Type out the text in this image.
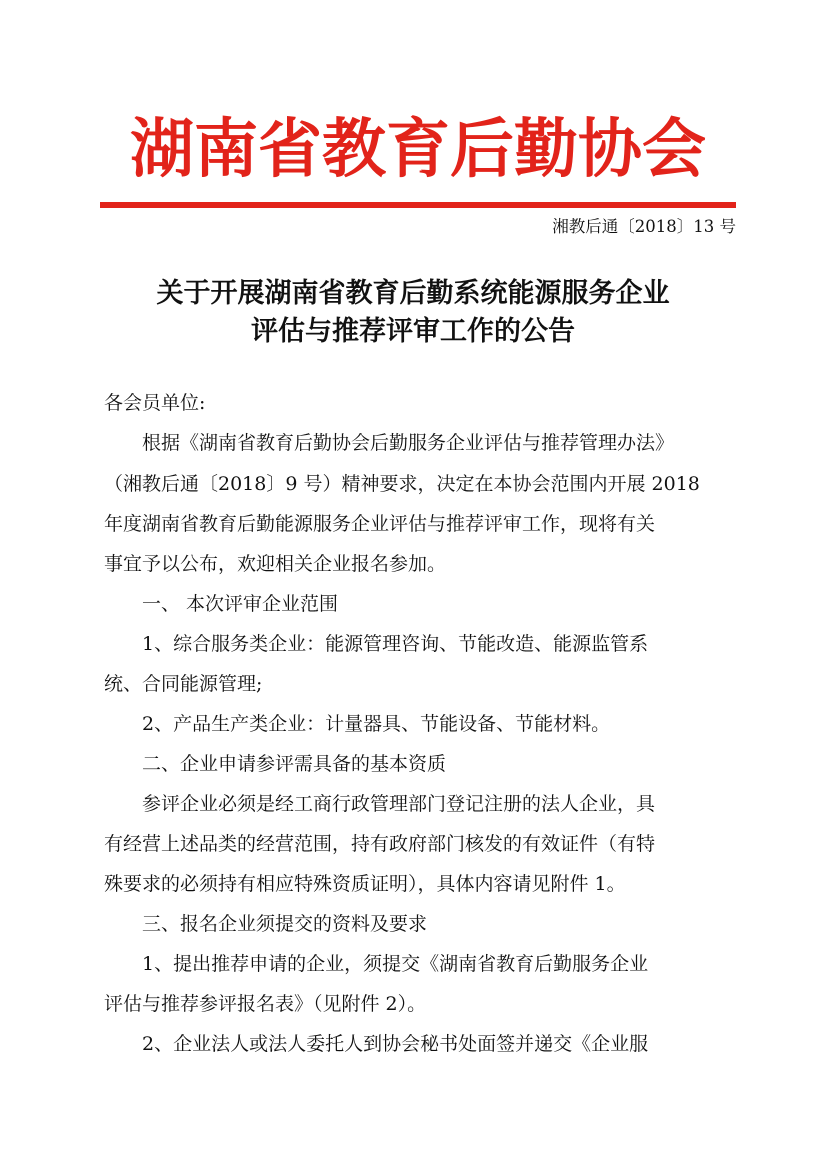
湖南省教育后勤协会
湘教后通〔2018〕13 号
关于开展湖南省教育后勤系统能源服务企业
评估与推荐评审工作的公告
各会员单位:
根据《湖南省教育后勤协会后勤服务企业评估与推荐管理办法》
（湘教后通〔2018〕9 号）精神要求，决定在本协会范围内开展 2018
年度湖南省教育后勤能源服务企业评估与推荐评审工作，现将有关
事宜予以公布，欢迎相关企业报名参加。
一、 本次评审企业范围
1、综合服务类企业：能源管理咨询、节能改造、能源监管系
统、合同能源管理;
2、产品生产类企业：计量器具、节能设备、节能材料。
二、企业申请参评需具备的基本资质
参评企业必须是经工商行政管理部门登记注册的法人企业，具
有经营上述品类的经营范围，持有政府部门核发的有效证件（有特
殊要求的必须持有相应特殊资质证明），具体内容请见附件 1。
三、报名企业须提交的资料及要求
1、提出推荐申请的企业，须提交《湖南省教育后勤服务企业
评估与推荐参评报名表》（见附件 2）。
2、企业法人或法人委托人到协会秘书处面签并递交《企业服
